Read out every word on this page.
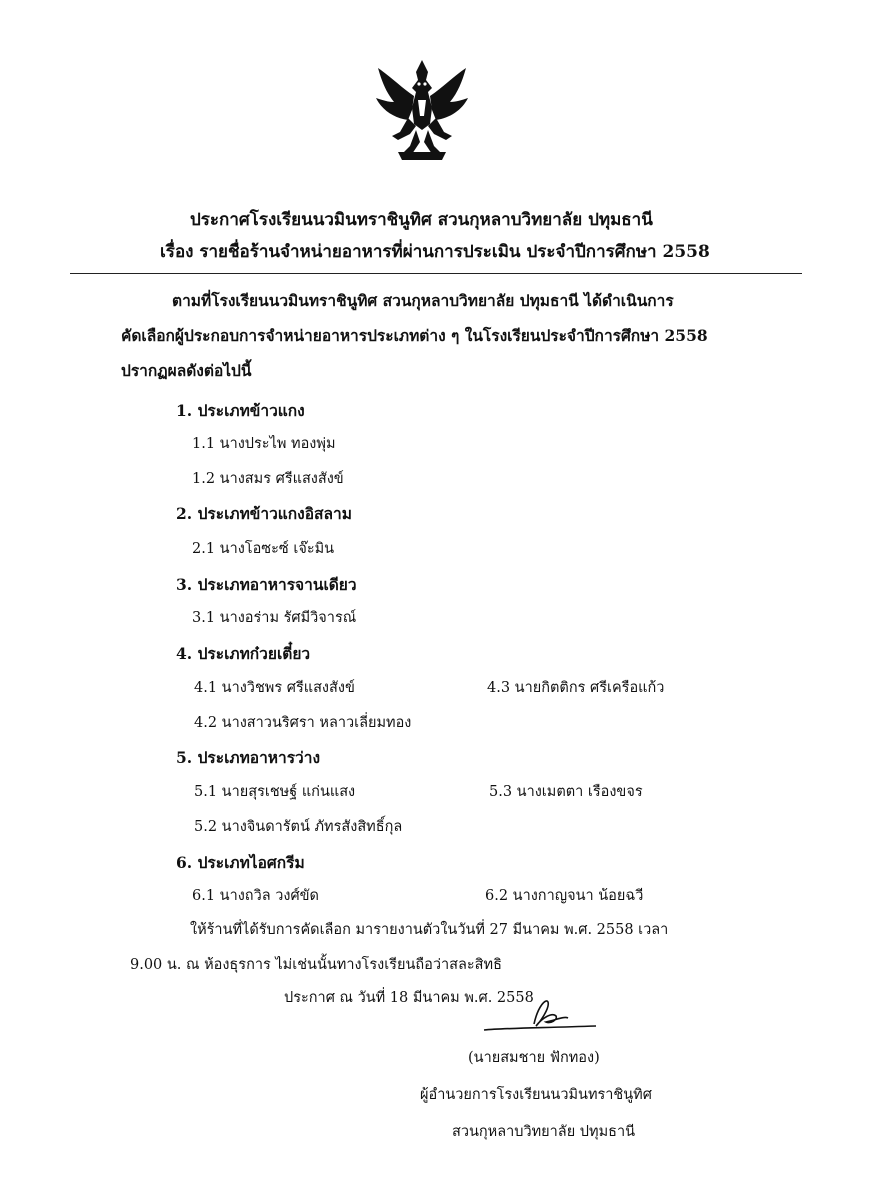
ประกาศโรงเรียนนวมินทราชินูทิศ สวนกุหลาบวิทยาลัย ปทุมธานี
เรื่อง รายชื่อร้านจำหน่ายอาหารที่ผ่านการประเมิน ประจำปีการศึกษา 2558
ตามที่โรงเรียนนวมินทราชินูทิศ สวนกุหลาบวิทยาลัย ปทุมธานี ได้ดำเนินการ
คัดเลือกผู้ประกอบการจำหน่ายอาหารประเภทต่าง ๆ ในโรงเรียนประจำปีการศึกษา 2558
ปรากฏผลดังต่อไปนี้
1. ประเภทข้าวแกง
1.1 นางประไพ ทองพุ่ม
1.2 นางสมร ศรีแสงสังข์
2. ประเภทข้าวแกงอิสลาม
2.1 นางโอซะซ์ เจ๊ะมิน
3. ประเภทอาหารจานเดียว
3.1 นางอร่าม รัศมีวิจารณ์
4. ประเภทก๋วยเตี๋ยว
4.1 นางวิชพร ศรีแสงสังข์	4.3 นายกิตติกร ศรีเครือแก้ว
4.2 นางสาวนริศรา หลาวเลี่ยมทอง
5. ประเภทอาหารว่าง
5.1 นายสุรเชษฐ์ แก่นแสง	5.3 นางเมตตา เรืองขจร
5.2 นางจินดารัตน์ ภัทรสังสิทธิ์กุล
6. ประเภทไอศกรีม
6.1 นางถวิล วงศ์ขัด	6.2 นางกาญจนา น้อยฉวี
ให้ร้านที่ได้รับการคัดเลือก มารายงานตัวในวันที่ 27 มีนาคม พ.ศ. 2558 เวลา
9.00 น. ณ ห้องธุรการ ไม่เช่นนั้นทางโรงเรียนถือว่าสละสิทธิ
ประกาศ ณ วันที่ 18 มีนาคม พ.ศ. 2558
(นายสมชาย ฟักทอง)
ผู้อำนวยการโรงเรียนนวมินทราชินูทิศ
สวนกุหลาบวิทยาลัย ปทุมธานี
